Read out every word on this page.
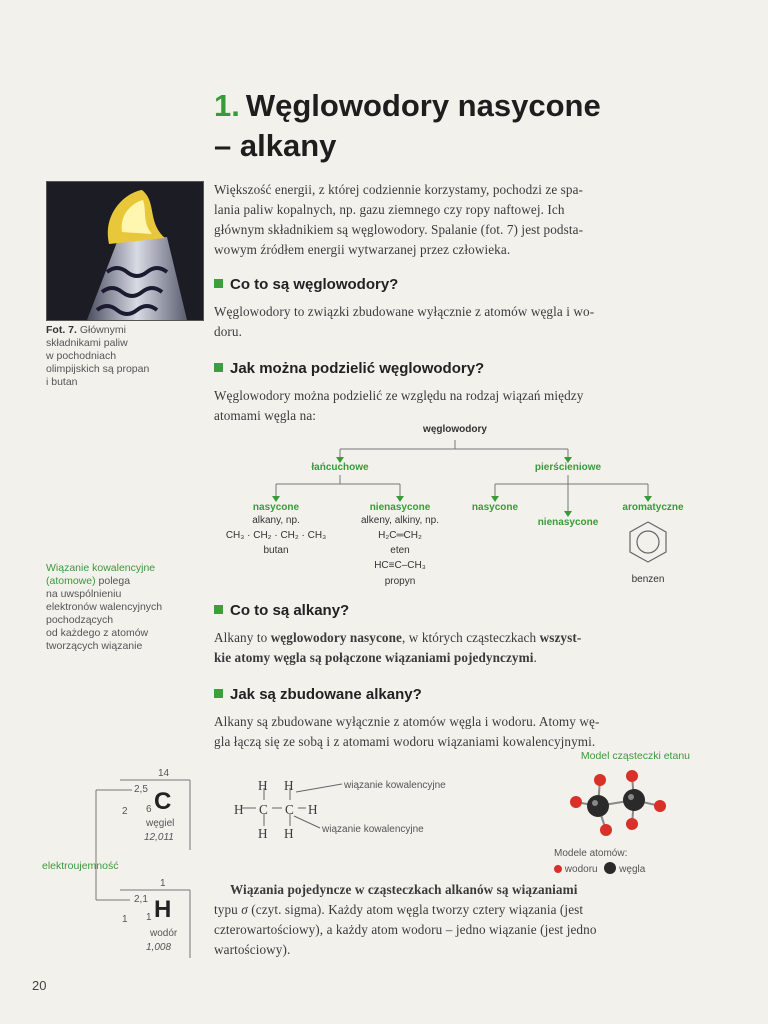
1. Węglowodory nasycone
– alkany
Fot. 7. Głównymi
składnikami paliw
w pochodniach
olimpijskich są propan
i butan
Większość energii, z której codziennie korzystamy, pochodzi ze spa-
lania paliw kopalnych, np. gazu ziemnego czy ropy naftowej. Ich
głównym składnikiem są węglowodory. Spalanie (fot. 7) jest podsta-
wowym źródłem energii wytwarzanej przez człowieka.
Co to są węglowodory?
Węglowodory to związki zbudowane wyłącznie z atomów węgla i wo-
doru.
Jak można podzielić węglowodory?
Węglowodory można podzielić ze względu na rodzaj wiązań między
atomami węgla na:
węglowodory
łańcuchowe	pierścieniowe
nasycone
alkany, np.
CH₃ · CH₂ · CH₂ · CH₃
butan
nienasycone
alkeny, alkiny, np.
H₂C═CH₂
eten
HC≡C–CH₃
propyn
nasycone
nienasycone
aromatyczne
benzen
Wiązanie kowalencyjne (atomowe) polega
na uwspólnieniu
elektronów walencyjnych
pochodzących
od każdego z atomów
tworzących wiązanie
Co to są alkany?
Alkany to węglowodory nasycone, w których cząsteczkach wszyst-
kie atomy węgla są połączone wiązaniami pojedynczymi.
Jak są zbudowane alkany?
Alkany są zbudowane wyłącznie z atomów węgla i wodoru. Atomy wę-
gla łączą się ze sobą i z atomami wodoru wiązaniami kowalencyjnymi.
Model cząsteczki etanu
H H
H C C H
H H
wiązanie kowalencyjne
wiązanie kowalencyjne
Modele atomów:
wodoru węgla
14
2,5
2 6 C
węgiel
12,011
elektroujemność
1
2,1
1 1 H
wodór
1,008
Wiązania pojedyncze w cząsteczkach alkanów są wiązaniami
typu σ (czyt. sigma). Każdy atom węgla tworzy cztery wiązania (jest
czterowartościowy), a każdy atom wodoru – jedno wiązanie (jest jedno
wartościowy).
20
